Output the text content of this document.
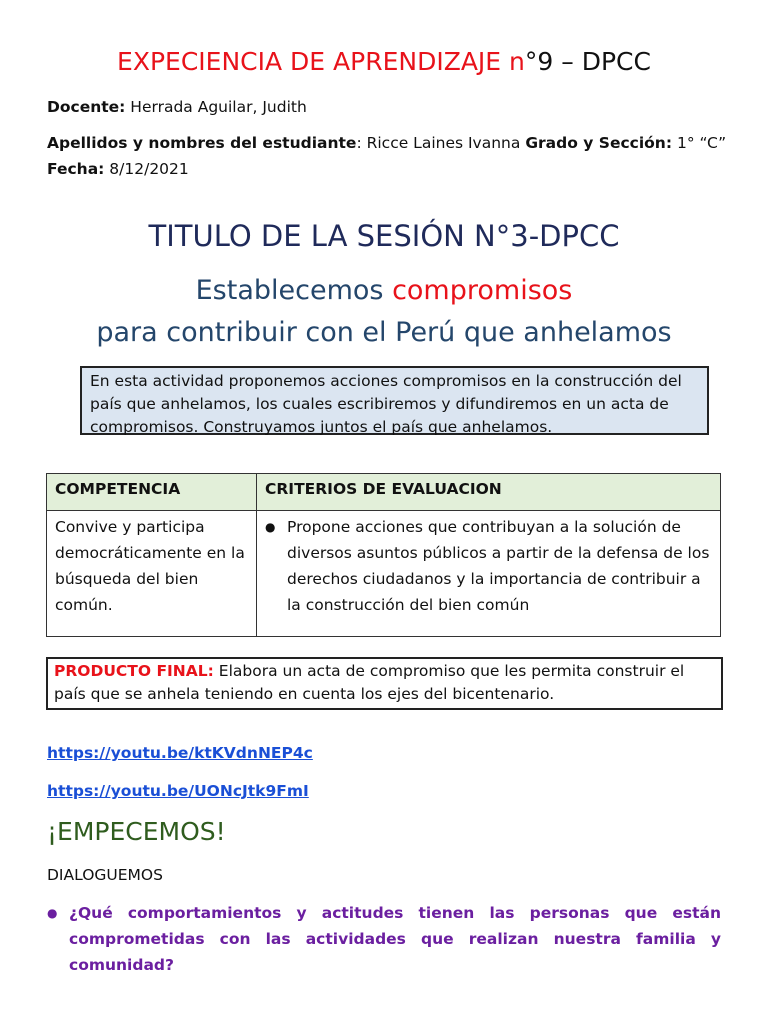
EXPECIENCIA DE APRENDIZAJE n°9 – DPCC
Docente: Herrada Aguilar, Judith
Apellidos y nombres del estudiante: Ricce Laines Ivanna Grado y Sección: 1° “C” Fecha: 8/12/2021
TITULO DE LA SESIÓN N°3-DPCC
Establecemos compromisos
para contribuir con el Perú que anhelamos
En esta actividad proponemos acciones compromisos en la construcción del país que anhelamos, los cuales escribiremos y difundiremos en un acta de compromisos. Construyamos juntos el país que anhelamos.
COMPETENCIA	CRITERIOS DE EVALUACION
Convive y participa democráticamente en la búsqueda del bien común.	● Propone acciones que contribuyan a la solución de diversos asuntos públicos a partir de la defensa de los derechos ciudadanos y la importancia de contribuir a la construcción del bien común
PRODUCTO FINAL: Elabora un acta de compromiso que les permita construir el país que se anhela teniendo en cuenta los ejes del bicentenario.
https://youtu.be/ktKVdnNEP4c
https://youtu.be/UONcJtk9FmI
¡EMPECEMOS!
DIALOGUEMOS
● ¿Qué comportamientos y actitudes tienen las personas que están comprometidas con las actividades que realizan nuestra familia y comunidad?
